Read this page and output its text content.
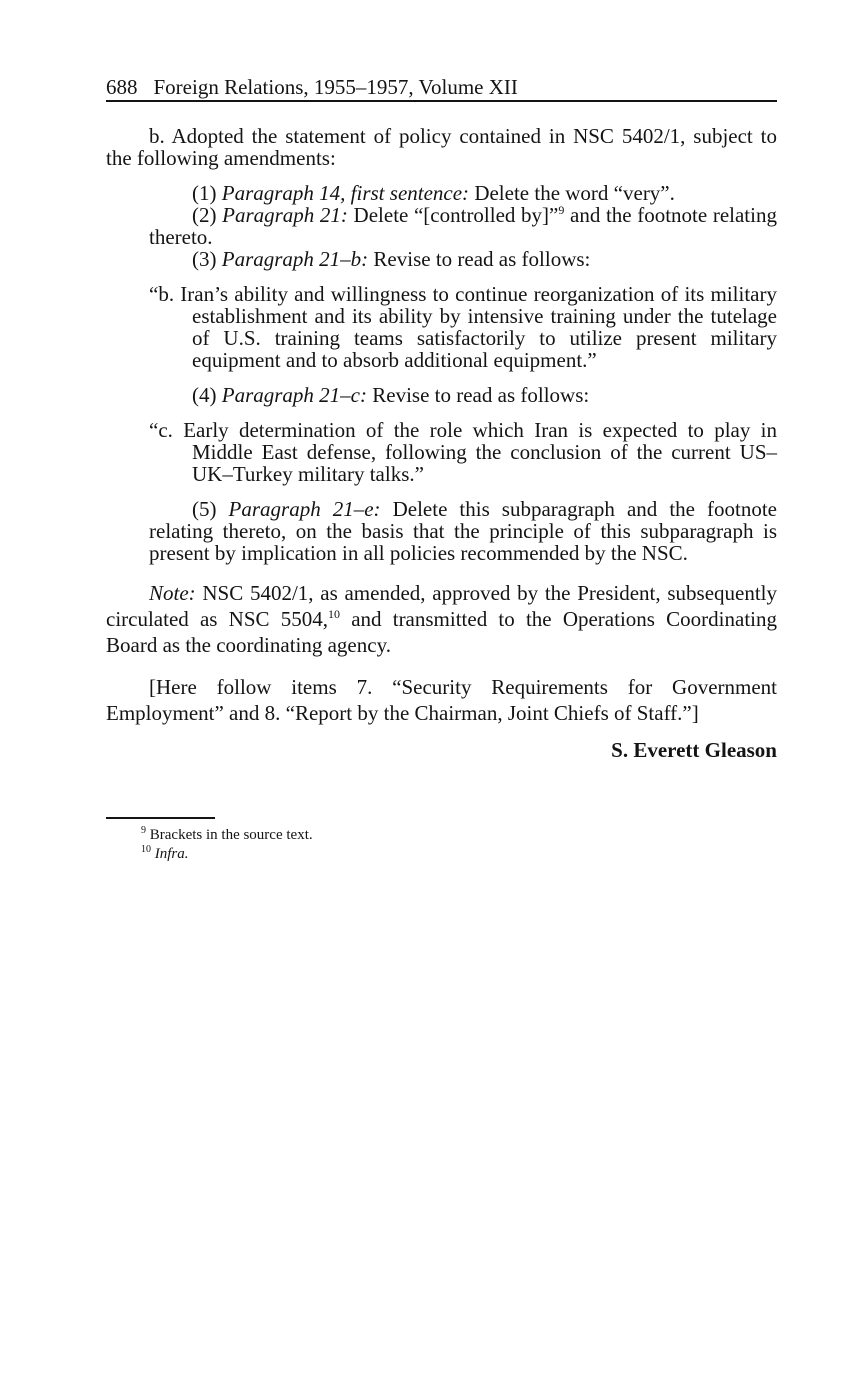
688 Foreign Relations, 1955–1957, Volume XII

b. Adopted the statement of policy contained in NSC 5402/1, subject to the following amendments:

(1) Paragraph 14, first sentence: Delete the word “very”.

(2) Paragraph 21: Delete “[controlled by]”$^9$ and the footnote relating thereto.

(3) Paragraph 21–b: Revise to read as follows:

“b. Iran’s ability and willingness to continue reorganization of its military establishment and its ability by intensive training under the tutelage of U.S. training teams satisfactorily to utilize present military equipment and to absorb additional equipment.”

(4) Paragraph 21–c: Revise to read as follows:

“c. Early determination of the role which Iran is expected to play in Middle East defense, following the conclusion of the current US–UK–Turkey military talks.”

(5) Paragraph 21–e: Delete this subparagraph and the footnote relating thereto, on the basis that the principle of this subparagraph is present by implication in all policies recommended by the NSC.

Note: NSC 5402/1, as amended, approved by the President, subsequently circulated as NSC 5504,10 and transmitted to the Operations Coordinating Board as the coordinating agency.

[Here follow items 7. “Security Requirements for Government Employment” and 8. “Report by the Chairman, Joint Chiefs of Staff.”]

S. Everett Gleason

$^9$ Brackets in the source text.
$^{10}$ Infra.
